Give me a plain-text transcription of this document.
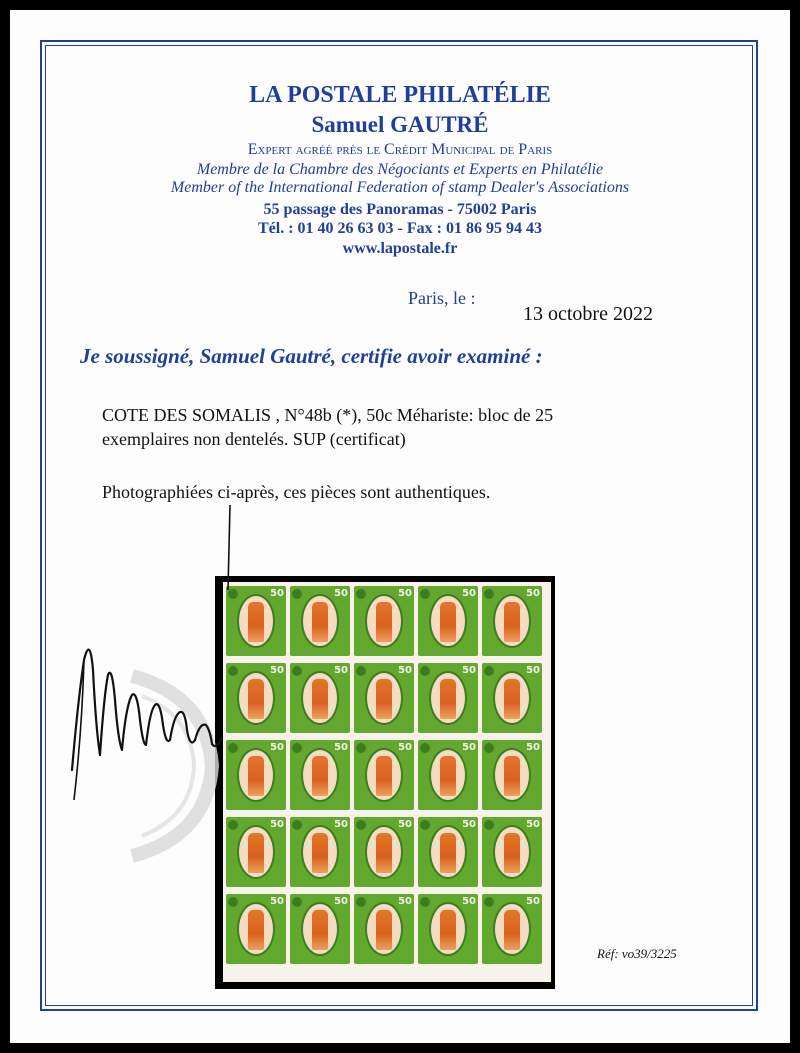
LA POSTALE PHILATÉLIE
Samuel GAUTRÉ
Expert agréé près le Crédit Municipal de Paris
Membre de la Chambre des Négociants et Experts en Philatélie
Member of the International Federation of stamp Dealer's Associations
55 passage des Panoramas - 75002 Paris
Tél. : 01 40 26 63 03 - Fax : 01 86 95 94 43
www.lapostale.fr
Paris, le :
13 octobre 2022
Je soussigné, Samuel Gautré, certifie avoir examiné :
COTE DES SOMALIS , N°48b (*), 50c Méhariste: bloc de 25
exemplaires non dentelés. SUP (certificat)
Photographiées ci-après, ces pièces sont authentiques.
50	50	50	50	50
50	50	50	50	50
50	50	50	50	50
50	50	50	50	50
50	50	50	50	50
Réf: vo39/3225
